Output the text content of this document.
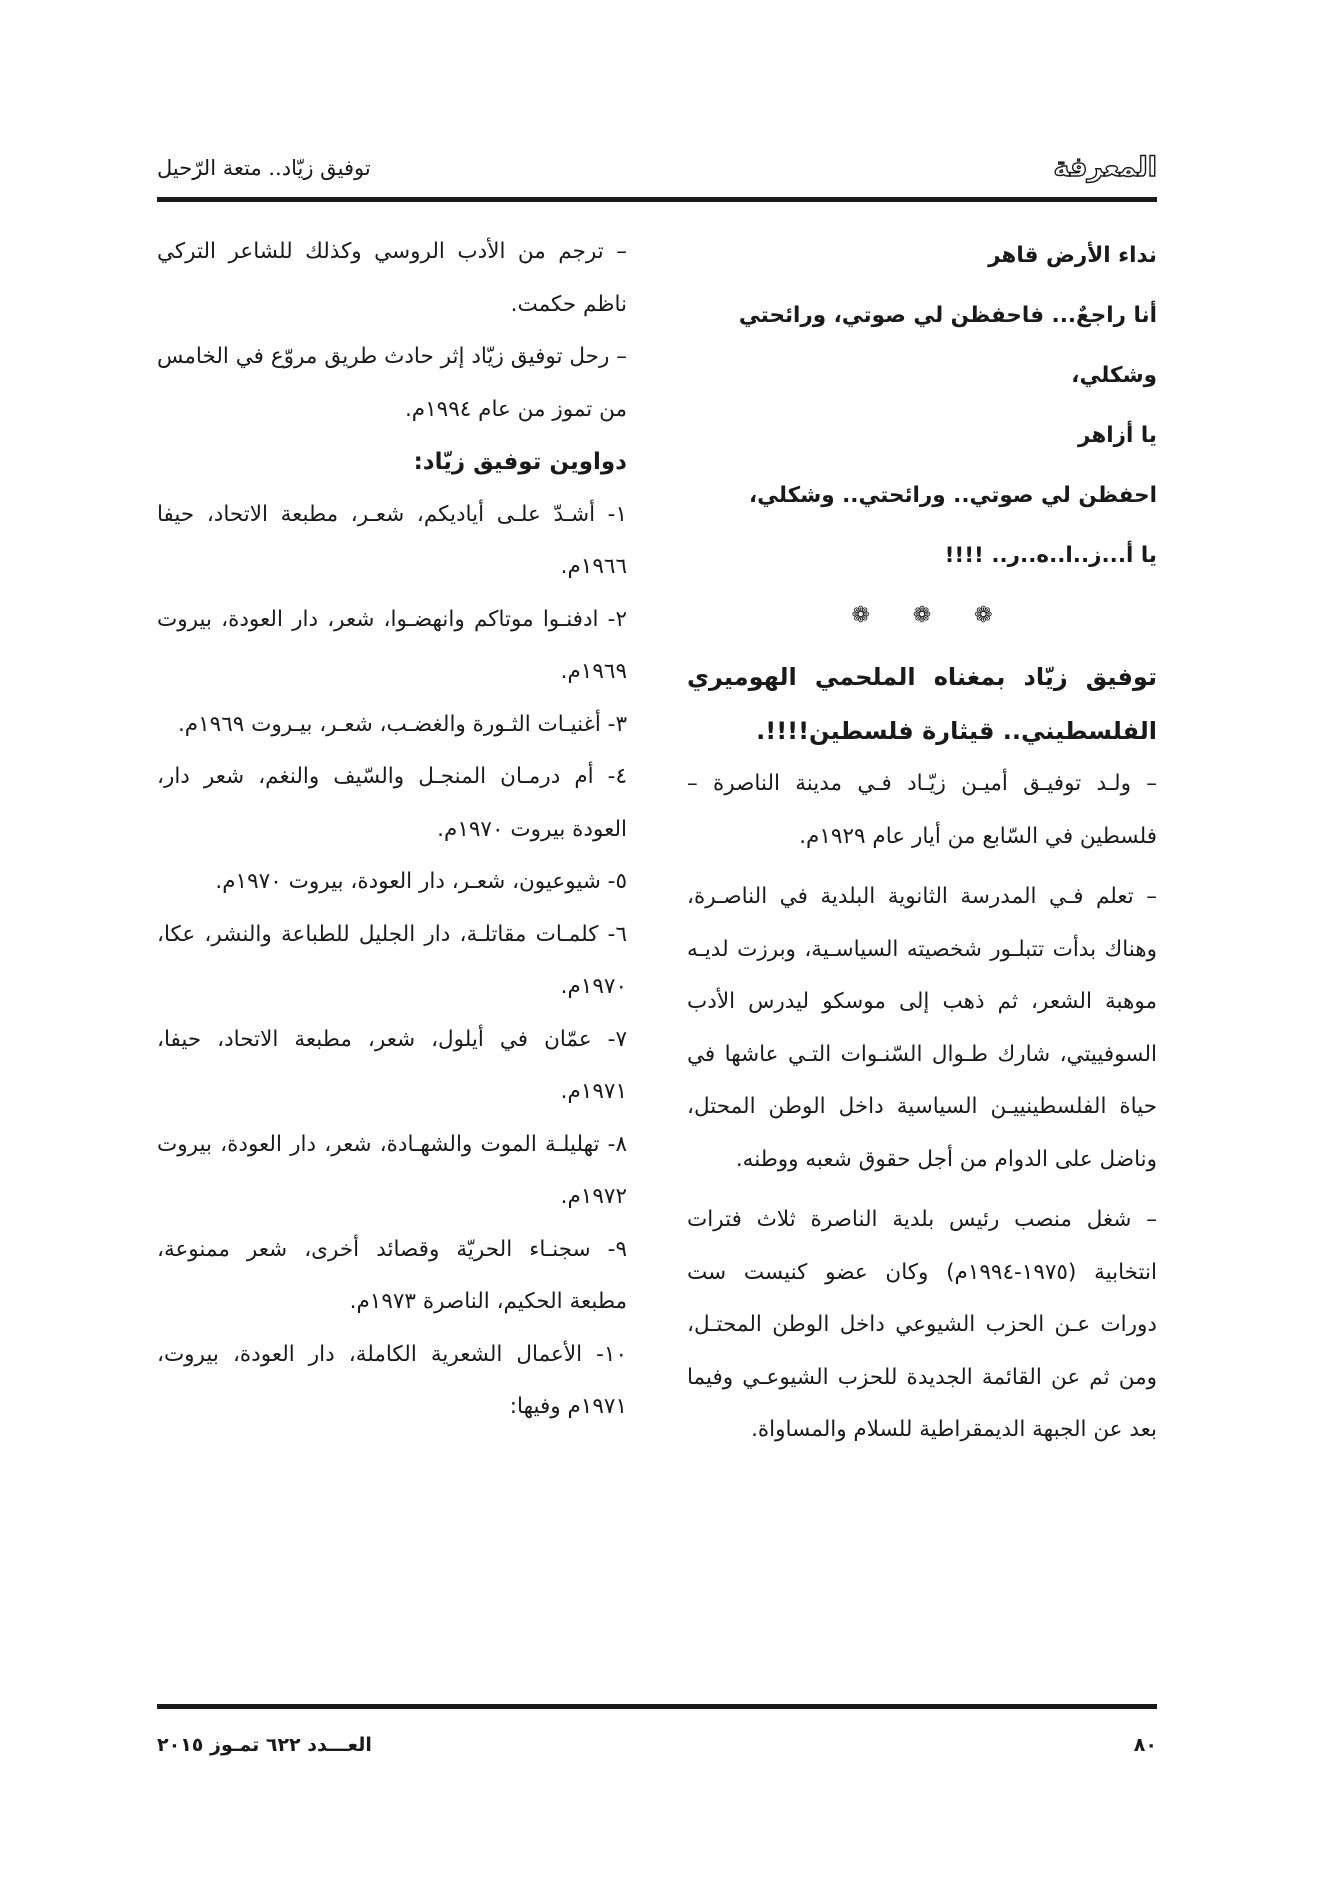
المعرفة
توفيق زيّاد.. متعة الرّحيل
نداء الأرض قاهر
أنا راجعٌ... فاحفظن لي صوتي، ورائحتي
وشكلي،
يا أزاهر
احفظن لي صوتي.. ورائحتي.. وشكلي،
يا أ...ز..ا..ه..ر.. !!!!
❁ ❁ ❁

توفيق زيّاد بمغناه الملحمي الهوميري الفلسطيني.. قيثارة فلسطين!!!!.

– ولـد توفيـق أميـن زيّـاد فـي مدينة الناصرة – فلسطين في السّابع من أيار عام ١٩٢٩م.

– تعلم فـي المدرسة الثانوية البلدية في الناصـرة، وهناك بدأت تتبلـور شخصيته السياسـية، وبرزت لديـه موهبة الشعر، ثم ذهب إلى موسكو ليدرس الأدب السوفييتي، شارك طـوال السّنـوات التـي عاشها في حياة الفلسطينييـن السياسية داخل الوطن المحتل، وناضل على الدوام من أجل حقوق شعبه ووطنه.

– شغل منصب رئيس بلدية الناصرة ثلاث فترات انتخابية (١٩٧٥-١٩٩٤م) وكان عضو كنيست ست دورات عـن الحزب الشيوعي داخل الوطن المحتـل، ومن ثم عن القائمة الجديدة للحزب الشيوعـي وفيما بعد عن الجبهة الديمقراطية للسلام والمساواة.

– ترجم من الأدب الروسي وكذلك للشاعر التركي ناظم حكمت.

– رحل توفيق زيّاد إثر حادث طريق مروّع في الخامس من تموز من عام ١٩٩٤م.

دواوين توفيق زيّاد:

١- أشـدّ علـى أياديكم، شعـر، مطبعة الاتحاد، حيفا ١٩٦٦م.

٢- ادفنـوا موتاكم وانهضـوا، شعر، دار العودة، بيروت ١٩٦٩م.

٣- أغنيـات الثـورة والغضـب، شعـر، بيـروت ١٩٦٩م.

٤- أم درمـان المنجـل والسّيف والنغم، شعر دار، العودة بيروت ١٩٧٠م.

٥- شيوعيون، شعـر، دار العودة، بيروت ١٩٧٠م.

٦- كلمـات مقاتلـة، دار الجليل للطباعة والنشر، عكا، ١٩٧٠م.

٧- عمّان في أيلول، شعر، مطبعة الاتحاد، حيفا، ١٩٧١م.

٨- تهليلـة الموت والشهـادة، شعر، دار العودة، بيروت ١٩٧٢م.

٩- سجنـاء الحريّة وقصائد أخرى، شعر ممنوعة، مطبعة الحكيم، الناصرة ١٩٧٣م.

١٠- الأعمال الشعرية الكاملة، دار العودة، بيروت، ١٩٧١م وفيها:

٨٠
العـــدد ٦٢٢ تمـوز ٢٠١٥
